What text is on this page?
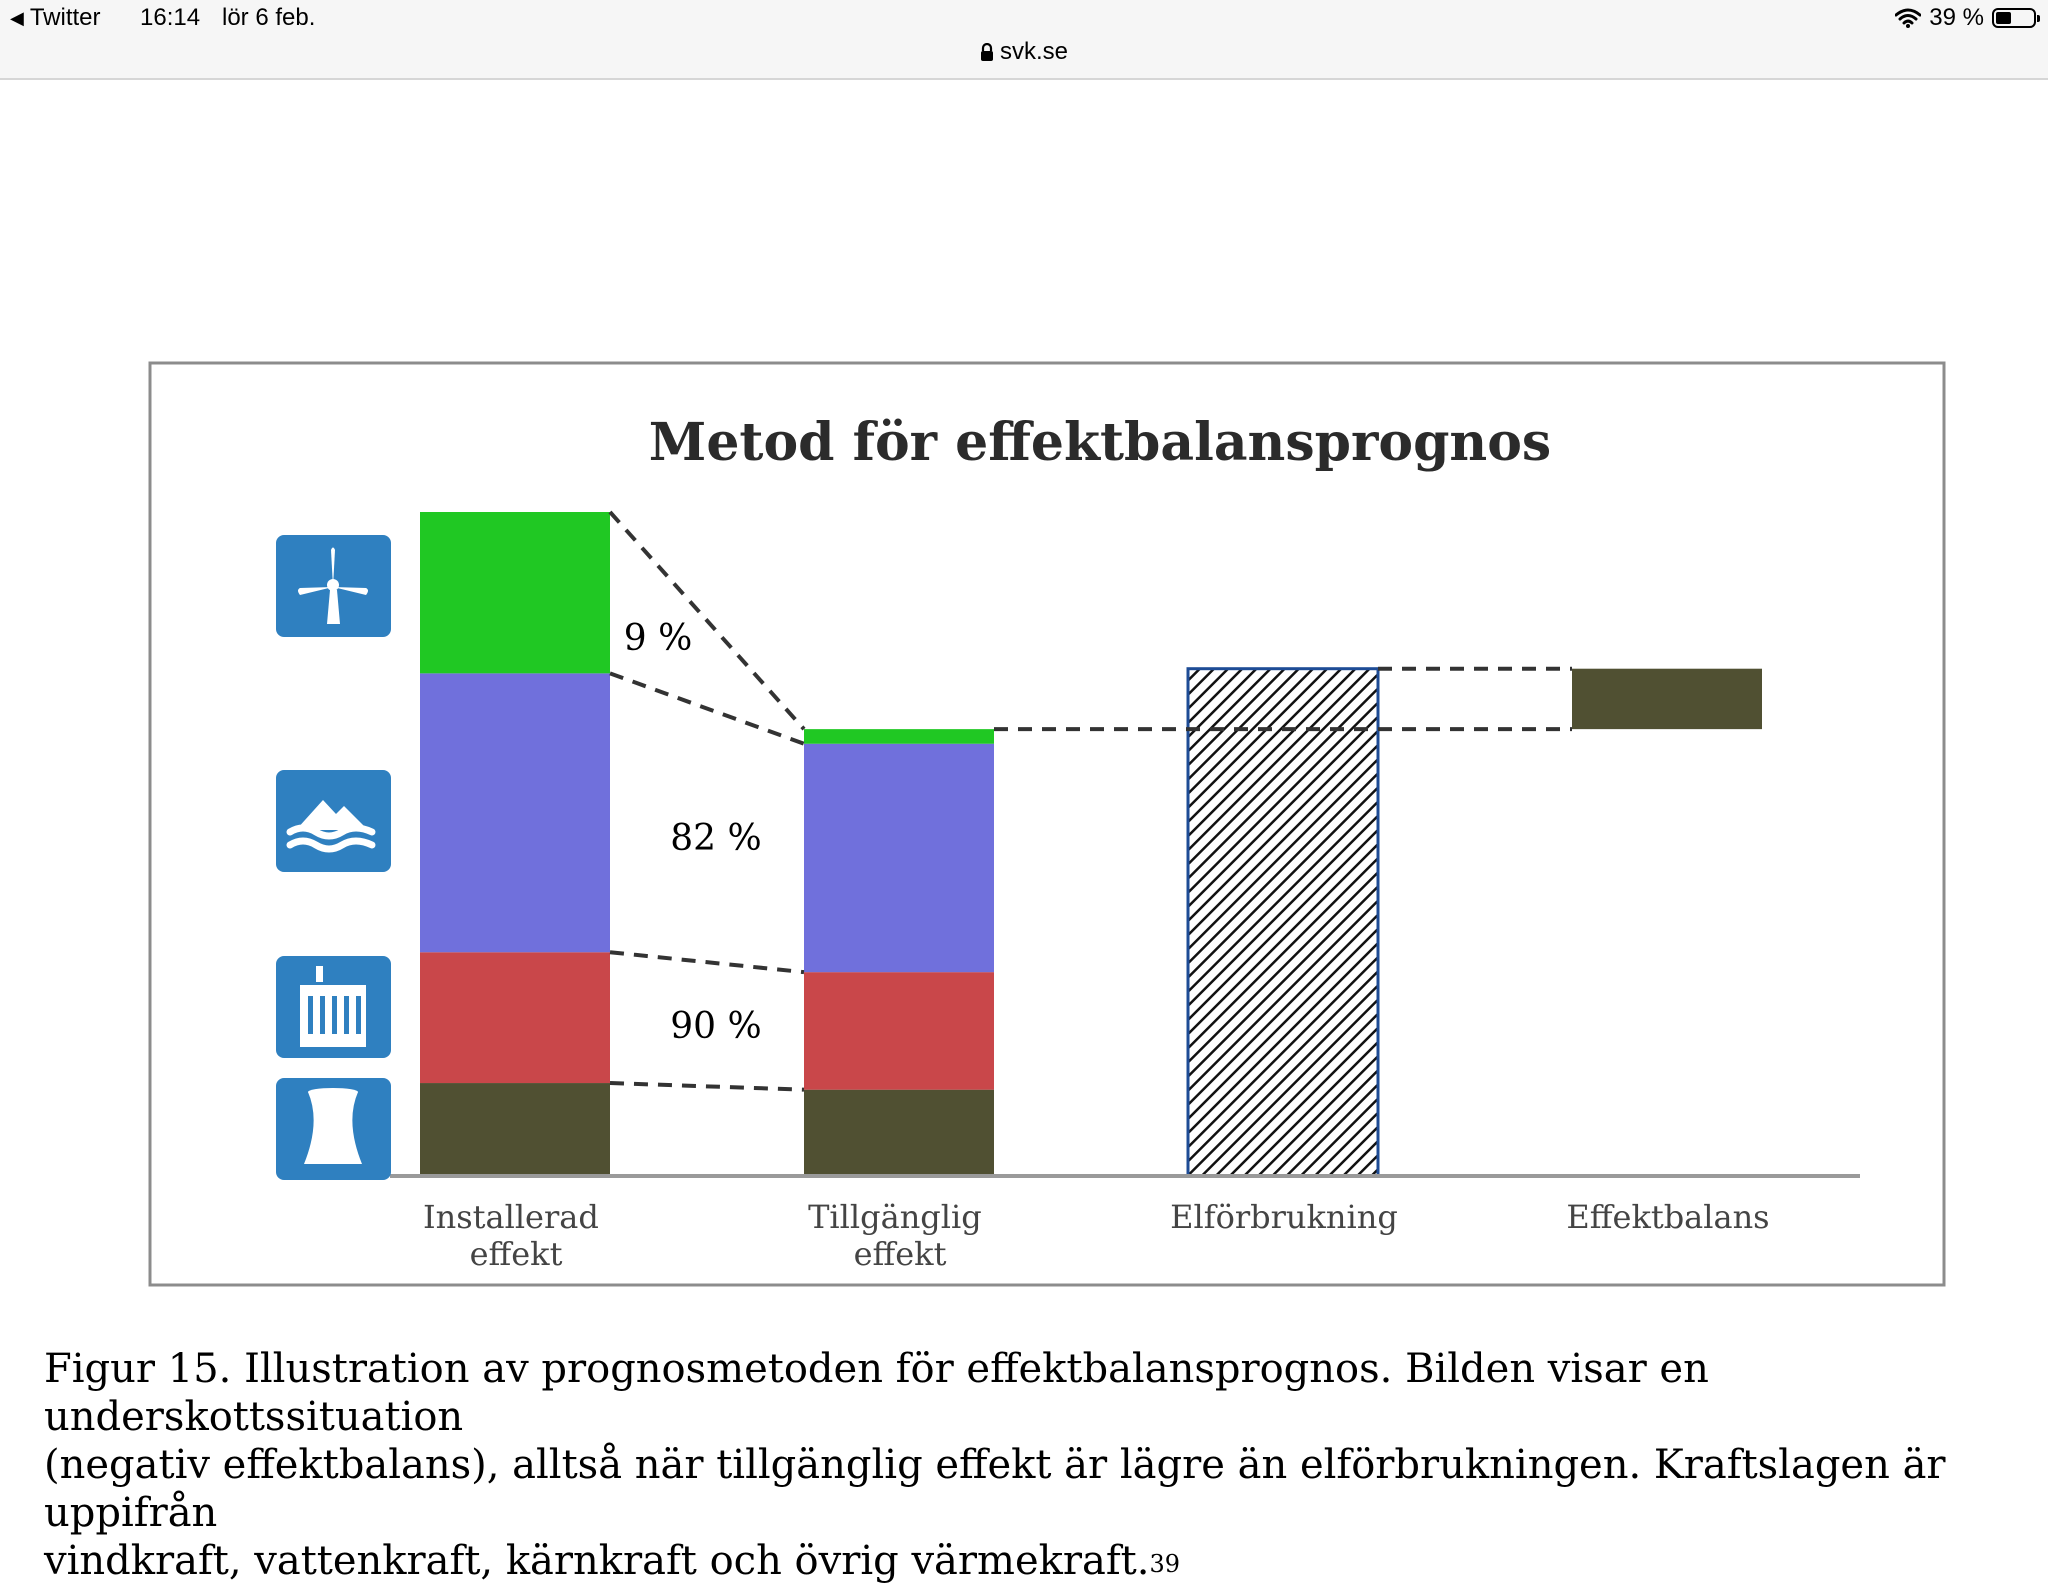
◀ Twitter 16:14 lör 6 feb.	39 %
svk.se
Metod för effektbalansprognos
9 %
82 %
90 %
Installerad effekt
Tillgänglig effekt
Elförbrukning	Effektbalans

Figur 15. Illustration av prognosmetoden för effektbalansprognos. Bilden visar en underskottssituation
(negativ effektbalans), alltså när tillgänglig effekt är lägre än elförbrukningen. Kraftslagen är uppifrån
vindkraft, vattenkraft, kärnkraft och övrig värmekraft.$^{39}$
